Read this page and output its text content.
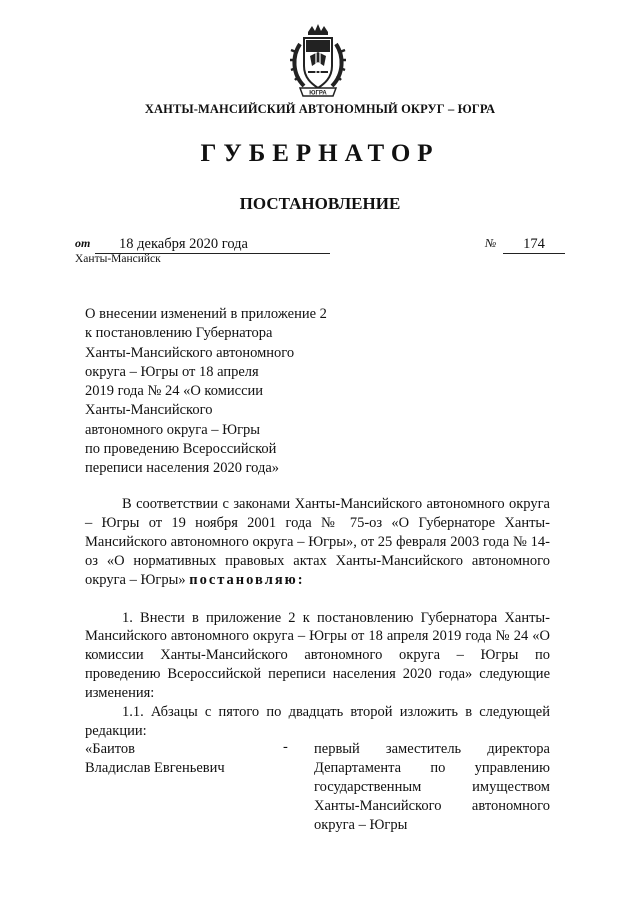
ЮГРА
ХАНТЫ-МАНСИЙСКИЙ АВТОНОМНЫЙ ОКРУГ – ЮГРА
ГУБЕРНАТОР
ПОСТАНОВЛЕНИЕ
от	18 декабря 2020 года	№	174
Ханты-Мансийск
О внесении изменений в приложение 2
к постановлению Губернатора
Ханты-Мансийского автономного
округа – Югры от 18 апреля
2019 года № 24 «О комиссии
Ханты-Мансийского
автономного округа – Югры
по проведению Всероссийской
переписи населения 2020 года»

В соответствии с законами Ханты-Мансийского автономного округа – Югры от 19 ноября 2001 года № 75-оз «О Губернаторе Ханты-Мансийского автономного округа – Югры», от 25 февраля 2003 года № 14-оз «О нормативных правовых актах Ханты-Мансийского автономного округа – Югры» постановляю:

1. Внести в приложение 2 к постановлению Губернатора Ханты-Мансийского автономного округа – Югры от 18 апреля 2019 года № 24 «О комиссии Ханты-Мансийского автономного округа – Югры по проведению Всероссийской переписи населения 2020 года» следующие изменения:

1.1. Абзацы с пятого по двадцать второй изложить в следующей редакции:

«Баитов
Владислав Евгеньевич
- первый заместитель директора Департамента по управлению государственным имуществом Ханты-Мансийского автономного округа – Югры
